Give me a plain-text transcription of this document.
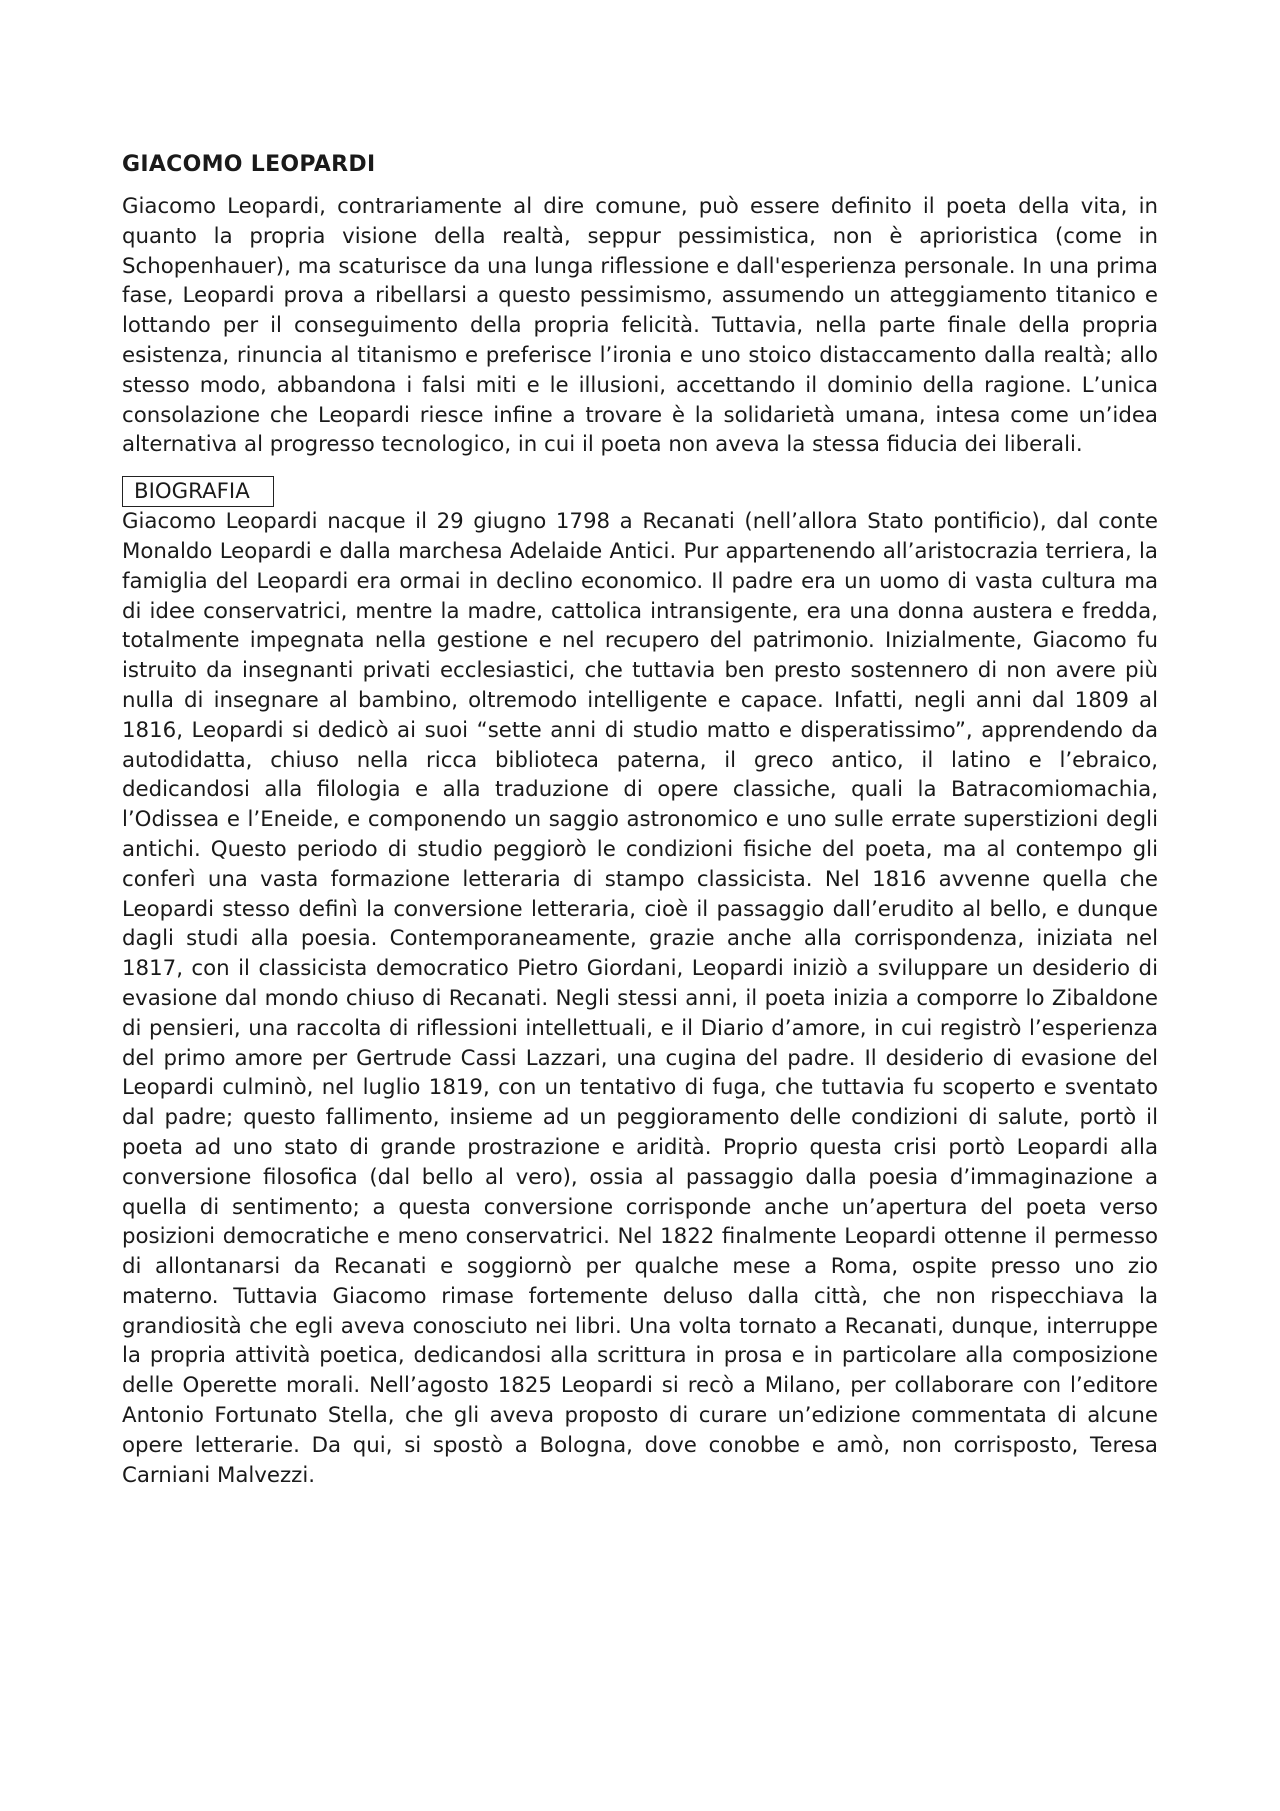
GIACOMO LEOPARDI

Giacomo Leopardi, contrariamente al dire comune, può essere definito il poeta della vita, in quanto la propria visione della realtà, seppur pessimistica, non è aprioristica (come in Schopenhauer), ma scaturisce da una lunga riflessione e dall'esperienza personale. In una prima fase, Leopardi prova a ribellarsi a questo pessimismo, assumendo un atteggiamento titanico e lottando per il conseguimento della propria felicità. Tuttavia, nella parte finale della propria esistenza, rinuncia al titanismo e preferisce l’ironia e uno stoico distaccamento dalla realtà; allo stesso modo, abbandona i falsi miti e le illusioni, accettando il dominio della ragione. L’unica consolazione che Leopardi riesce infine a trovare è la solidarietà umana, intesa come un’idea alternativa al progresso tecnologico, in cui il poeta non aveva la stessa fiducia dei liberali.

BIOGRAFIA

Giacomo Leopardi nacque il 29 giugno 1798 a Recanati (nell’allora Stato pontificio), dal conte Monaldo Leopardi e dalla marchesa Adelaide Antici. Pur appartenendo all’aristocrazia terriera, la famiglia del Leopardi era ormai in declino economico. Il padre era un uomo di vasta cultura ma di idee conservatrici, mentre la madre, cattolica intransigente, era una donna austera e fredda, totalmente impegnata nella gestione e nel recupero del patrimonio. Inizialmente, Giacomo fu istruito da insegnanti privati ecclesiastici, che tuttavia ben presto sostennero di non avere più nulla di insegnare al bambino, oltremodo intelligente e capace. Infatti, negli anni dal 1809 al 1816, Leopardi si dedicò ai suoi “sette anni di studio matto e disperatissimo”, apprendendo da autodidatta, chiuso nella ricca biblioteca paterna, il greco antico, il latino e l’ebraico, dedicandosi alla filologia e alla traduzione di opere classiche, quali la Batracomiomachia, l’Odissea e l’Eneide, e componendo un saggio astronomico e uno sulle errate superstizioni degli antichi. Questo periodo di studio peggiorò le condizioni fisiche del poeta, ma al contempo gli conferì una vasta formazione letteraria di stampo classicista. Nel 1816 avvenne quella che Leopardi stesso definì la conversione letteraria, cioè il passaggio dall’erudito al bello, e dunque dagli studi alla poesia. Contemporaneamente, grazie anche alla corrispondenza, iniziata nel 1817, con il classicista democratico Pietro Giordani, Leopardi iniziò a sviluppare un desiderio di evasione dal mondo chiuso di Recanati. Negli stessi anni, il poeta inizia a comporre lo Zibaldone di pensieri, una raccolta di riflessioni intellettuali, e il Diario d’amore, in cui registrò l’esperienza del primo amore per Gertrude Cassi Lazzari, una cugina del padre. Il desiderio di evasione del Leopardi culminò, nel luglio 1819, con un tentativo di fuga, che tuttavia fu scoperto e sventato dal padre; questo fallimento, insieme ad un peggioramento delle condizioni di salute, portò il poeta ad uno stato di grande prostrazione e aridità. Proprio questa crisi portò Leopardi alla conversione filosofica (dal bello al vero), ossia al passaggio dalla poesia d’immaginazione a quella di sentimento; a questa conversione corrisponde anche un’apertura del poeta verso posizioni democratiche e meno conservatrici. Nel 1822 finalmente Leopardi ottenne il permesso di allontanarsi da Recanati e soggiornò per qualche mese a Roma, ospite presso uno zio materno. Tuttavia Giacomo rimase fortemente deluso dalla città, che non rispecchiava la grandiosità che egli aveva conosciuto nei libri. Una volta tornato a Recanati, dunque, interruppe la propria attività poetica, dedicandosi alla scrittura in prosa e in particolare alla composizione delle Operette morali. Nell’agosto 1825 Leopardi si recò a Milano, per collaborare con l’editore Antonio Fortunato Stella, che gli aveva proposto di curare un’edizione commentata di alcune opere letterarie. Da qui, si spostò a Bologna, dove conobbe e amò, non corrisposto, Teresa Carniani Malvezzi.
